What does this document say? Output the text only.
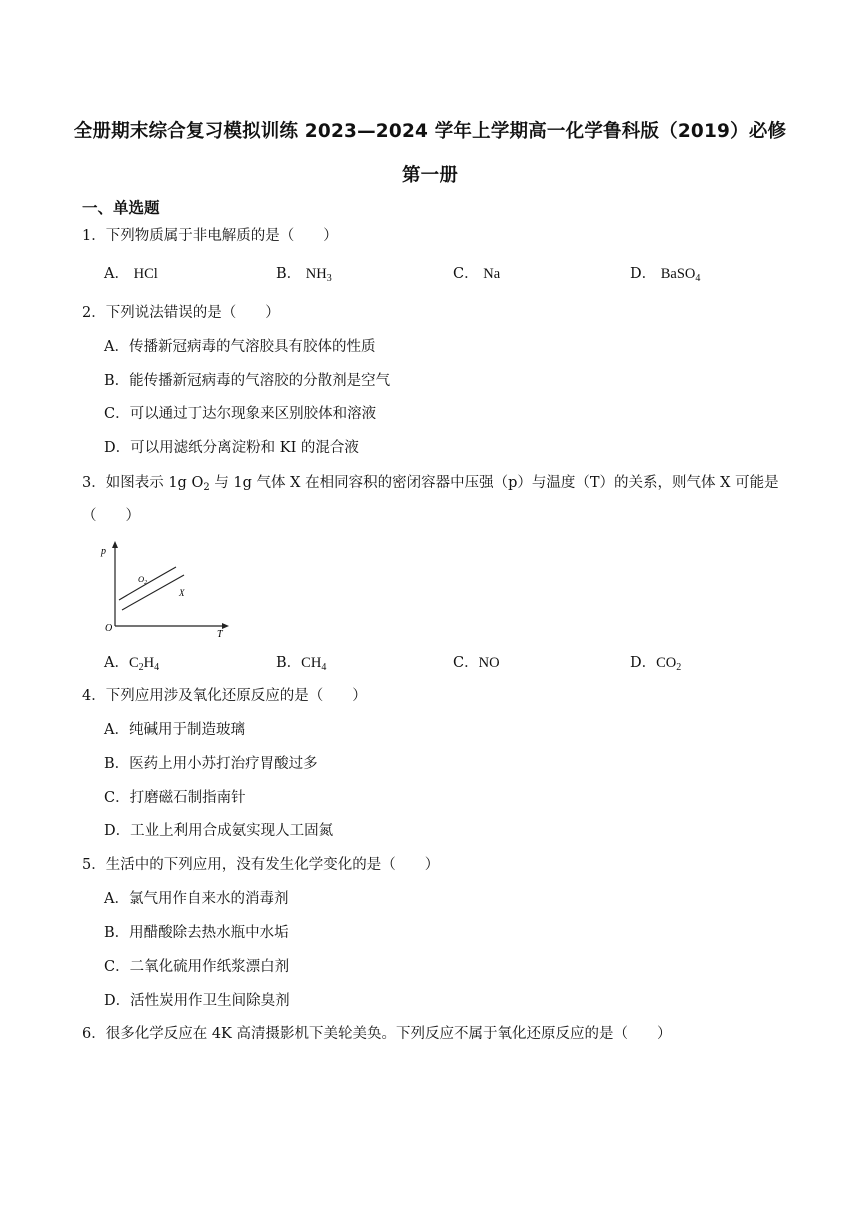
全册期末综合复习模拟训练 2023—2024 学年上学期高一化学鲁科版（2019）必修
第一册
一、单选题
1．下列物质属于非电解质的是（　　）
A． HCl	B． $NH_3$	C． Na	D． BaSO$_4$
2．下列说法错误的是（　　）
A．传播新冠病毒的气溶胶具有胶体的性质
B．能传播新冠病毒的气溶胶的分散剂是空气
C．可以通过丁达尔现象来区别胶体和溶液
D．可以用滤纸分离淀粉和 KI 的混合液
3．如图表示 1g $O_2$ 与 1g 气体 X 在相同容积的密闭容器中压强（p）与温度（T）的关系，则气体 X 可能是（　　）
p
T
O
$O_2$
X
A．$C_2H_4$	B．$CH_4$	C．NO	D．$CO_2$
4．下列应用涉及氧化还原反应的是（　　）
A．纯碱用于制造玻璃
B．医药上用小苏打治疗胃酸过多
C．打磨磁石制指南针
D．工业上利用合成氨实现人工固氮
5．生活中的下列应用，没有发生化学变化的是（　　）
A．氯气用作自来水的消毒剂
B．用醋酸除去热水瓶中水垢
C．二氧化硫用作纸浆漂白剂
D．活性炭用作卫生间除臭剂
6．很多化学反应在 4K 高清摄影机下美轮美奂。下列反应不属于氧化还原反应的是（　　）
